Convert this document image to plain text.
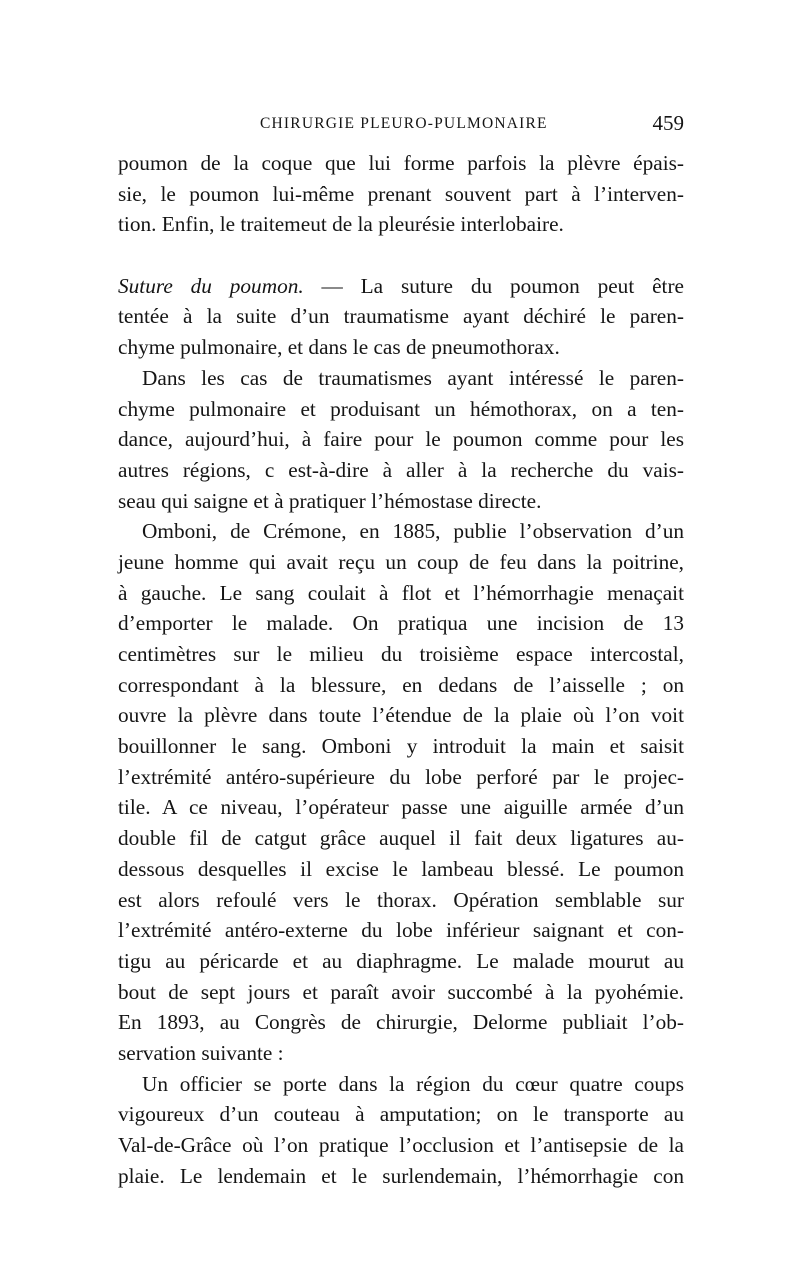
CHIRURGIE PLEURO-PULMONAIRE	459
poumon de la coque que lui forme parfois la plèvre épais-
sie, le poumon lui-même prenant souvent part à l’interven-
tion. Enfin, le traitemeut de la pleurésie interlobaire.
Suture du poumon. — La suture du poumon peut être
tentée à la suite d’un traumatisme ayant déchiré le paren-
chyme pulmonaire, et dans le cas de pneumothorax.
Dans les cas de traumatismes ayant intéressé le paren-
chyme pulmonaire et produisant un hémothorax, on a ten-
dance, aujourd’hui, à faire pour le poumon comme pour les
autres régions, c est-à-dire à aller à la recherche du vais-
seau qui saigne et à pratiquer l’hémostase directe.
Omboni, de Crémone, en 1885, publie l’observation d’un
jeune homme qui avait reçu un coup de feu dans la poitrine,
à gauche. Le sang coulait à flot et l’hémorrhagie menaçait
d’emporter le malade. On pratiqua une incision de 13
centimètres sur le milieu du troisième espace intercostal,
correspondant à la blessure, en dedans de l’aisselle ; on
ouvre la plèvre dans toute l’étendue de la plaie où l’on voit
bouillonner le sang. Omboni y introduit la main et saisit
l’extrémité antéro-supérieure du lobe perforé par le projec-
tile. A ce niveau, l’opérateur passe une aiguille armée d’un
double fil de catgut grâce auquel il fait deux ligatures au-
dessous desquelles il excise le lambeau blessé. Le poumon
est alors refoulé vers le thorax. Opération semblable sur
l’extrémité antéro-externe du lobe inférieur saignant et con-
tigu au péricarde et au diaphragme. Le malade mourut au
bout de sept jours et paraît avoir succombé à la pyohémie.
En 1893, au Congrès de chirurgie, Delorme publiait l’ob-
servation suivante :
Un officier se porte dans la région du cœur quatre coups
vigoureux d’un couteau à amputation; on le transporte au
Val-de-Grâce où l’on pratique l’occlusion et l’antisepsie de la
plaie. Le lendemain et le surlendemain, l’hémorrhagie con
